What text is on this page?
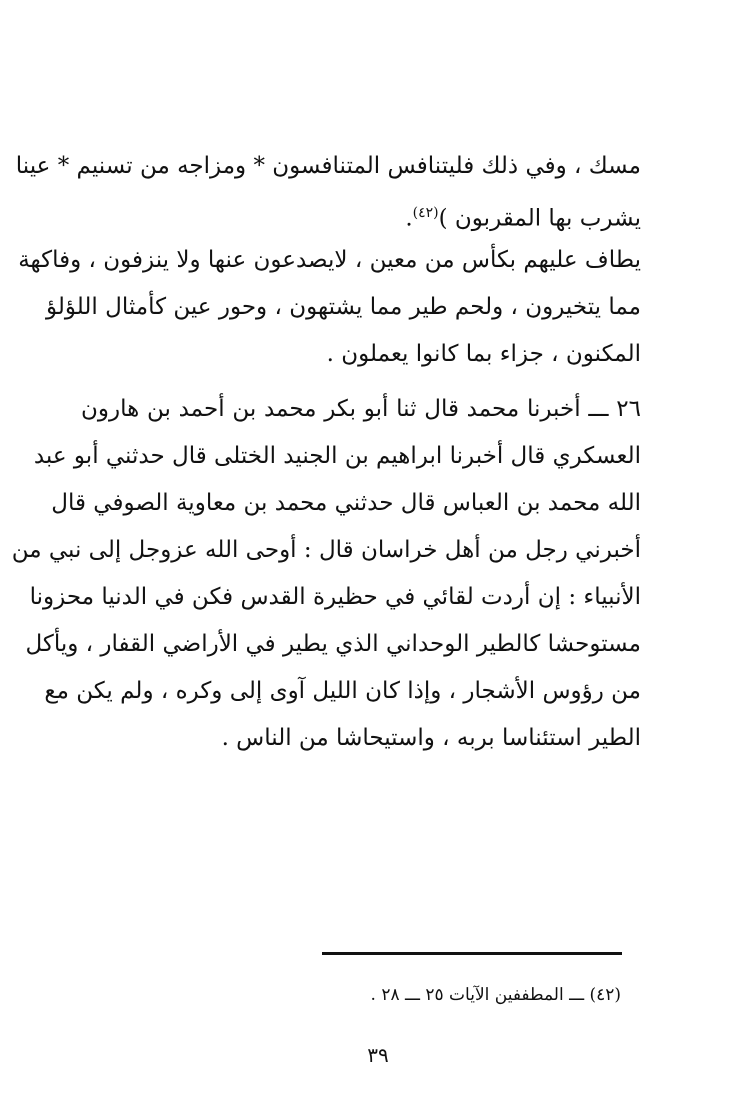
مسك ، وفي ذلك فليتنافس المتنافسون * ومزاجه من تسنيم * عينا
يشرب بها المقربون )$^{(٤٢)}$.
يطاف عليهم بكأس من معين ، لايصدعون عنها ولا ينزفون ، وفاكهة
مما يتخيرون ، ولحم طير مما يشتهون ، وحور عين كأمثال اللؤلؤ
المكنون ، جزاء بما كانوا يعملون .
٢٦ ـــ أخبرنا محمد قال ثنا أبو بكر محمد بن أحمد بن هارون
العسكري قال أخبرنا ابراهيم بن الجنيد الختلى قال حدثني أبو عبد
الله محمد بن العباس قال حدثني محمد بن معاوية الصوفي قال
أخبرني رجل من أهل خراسان قال : أوحى الله عزوجل إلى نبي من
الأنبياء : إن أردت لقائي في حظيرة القدس فكن في الدنيا محزونا
مستوحشا كالطير الوحداني الذي يطير في الأراضي القفار ، ويأكل
من رؤوس الأشجار ، وإذا كان الليل آوى إلى وكره ، ولم يكن مع
الطير استئناسا بربه ، واستيحاشا من الناس .
(٤٢) ـــ المطففين الآيات ٢٥ ـــ ٢٨ .
٣٩
